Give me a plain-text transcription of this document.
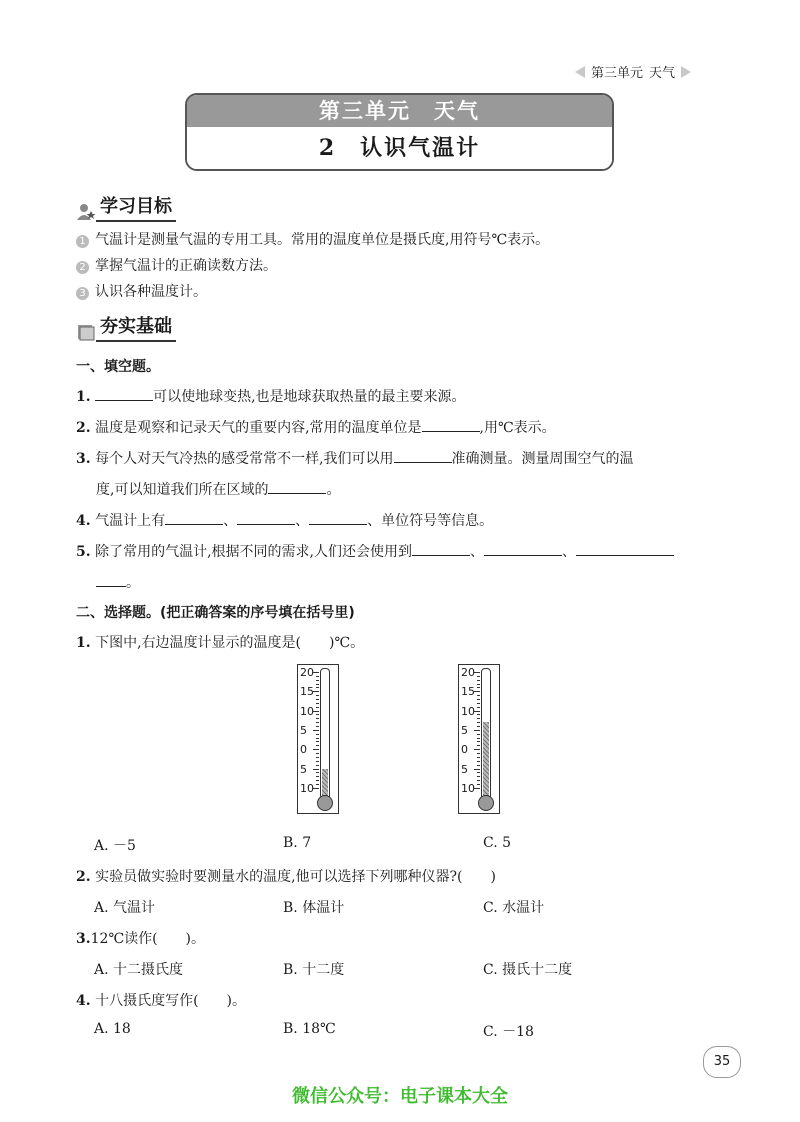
第三单元 天气
第三单元　天气
2　认识气温计
学习目标
1 气温计是测量气温的专用工具。常用的温度单位是摄氏度,用符号℃表示。
2 掌握气温计的正确读数方法。
3 认识各种温度计。
夯实基础
一、填空题。
1.	可以使地球变热,也是地球获取热量的最主要来源。
2. 温度是观察和记录天气的重要内容,常用的温度单位是	,用℃表示。
3. 每个人对天气冷热的感受常常不一样,我们可以用	准确测量。测量周围空气的温
度,可以知道我们所在区域的	。
4. 气温计上有	、	、	、单位符号等信息。
5. 除了常用的气温计,根据不同的需求,人们还会使用到	、	、
。
二、选择题。(把正确答案的序号填在括号里)
1. 下图中,右边温度计显示的温度是(　　)℃。
20
15
10
5
0
5
10
20
15
10
5
0
5
10
A. －5	B. 7	C. 5
2. 实验员做实验时要测量水的温度,他可以选择下列哪种仪器?(　　)
A. 气温计	B. 体温计	C. 水温计
3.12℃读作(　　)。
A. 十二摄氏度	B. 十二度	C. 摄氏十二度
4. 十八摄氏度写作(　　)。
A. 18	B. 18℃	C. －18
35
微信公众号：电子课本大全
